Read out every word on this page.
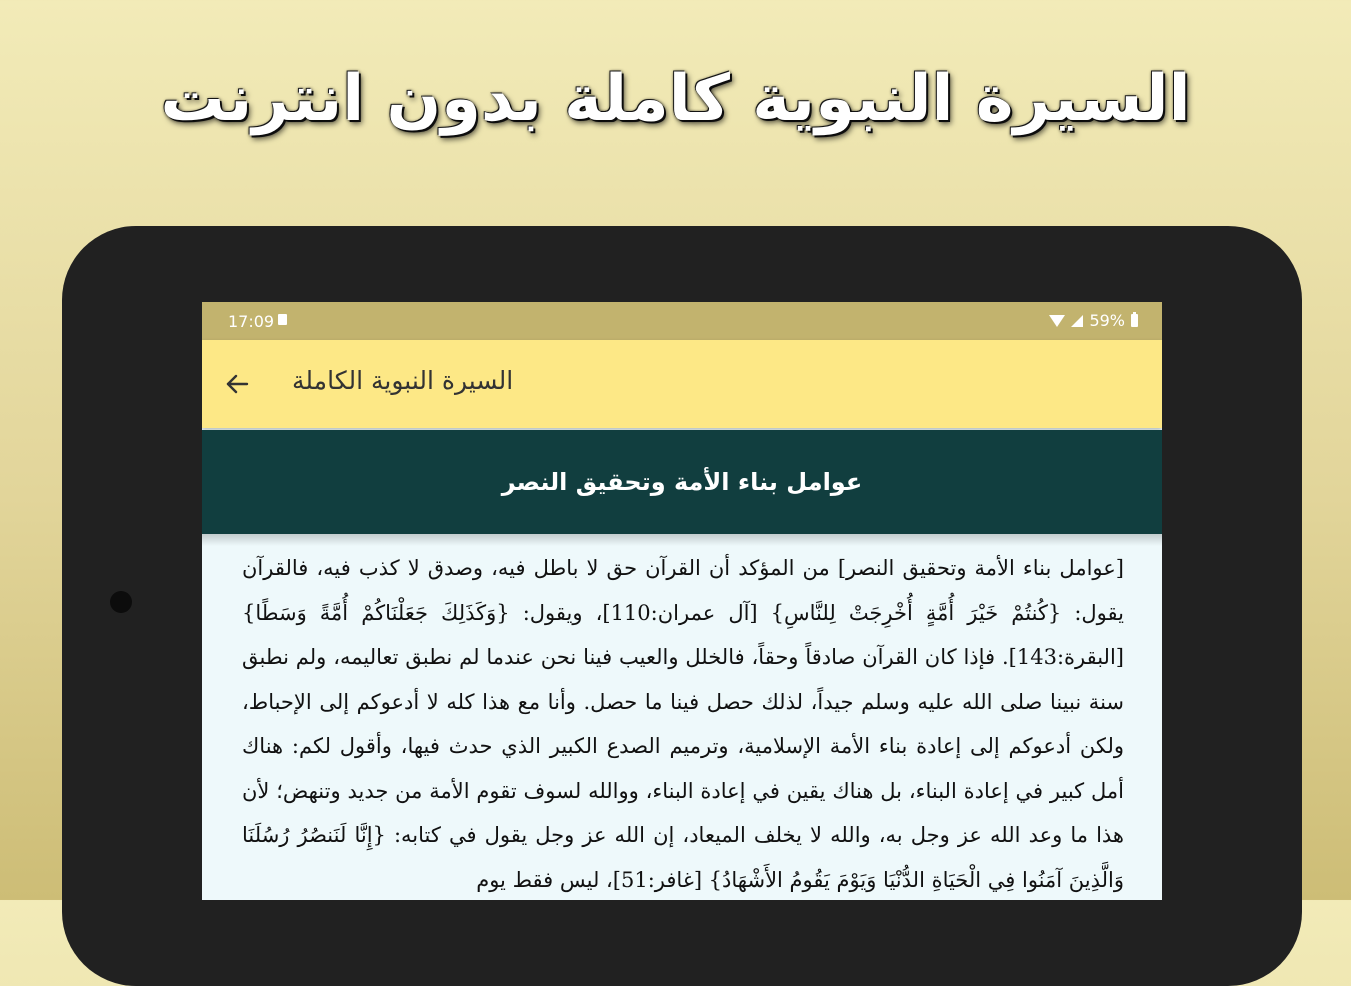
السيرة النبوية كاملة بدون انترنت
17:09	59%
السيرة النبوية الكاملة
عوامل بناء الأمة وتحقيق النصر
[عوامل بناء الأمة وتحقيق النصر] من المؤكد أن القرآن حق لا باطل فيه، وصدق لا كذب فيه، فالقرآن يقول: {كُنتُمْ خَيْرَ أُمَّةٍ أُخْرِجَتْ لِلنَّاسِ} [آل عمران:110]، ويقول: {وَكَذَلِكَ جَعَلْنَاكُمْ أُمَّةً وَسَطًا} [البقرة:143]. فإذا كان القرآن صادقاً وحقاً، فالخلل والعيب فينا نحن عندما لم نطبق تعاليمه، ولم نطبق سنة نبينا صلى الله عليه وسلم جيداً، لذلك حصل فينا ما حصل. وأنا مع هذا كله لا أدعوكم إلى الإحباط، ولكن أدعوكم إلى إعادة بناء الأمة الإسلامية، وترميم الصدع الكبير الذي حدث فيها، وأقول لكم: هناك أمل كبير في إعادة البناء، بل هناك يقين في إعادة البناء، ووالله لسوف تقوم الأمة من جديد وتنهض؛ لأن هذا ما وعد الله عز وجل به، والله لا يخلف الميعاد، إن الله عز وجل يقول في كتابه: {إِنَّا لَنَنصُرُ رُسُلَنَا وَالَّذِينَ آمَنُوا فِي الْحَيَاةِ الدُّنْيَا وَيَوْمَ يَقُومُ الأَشْهَادُ} [غافر:51]، ليس فقط يوم
